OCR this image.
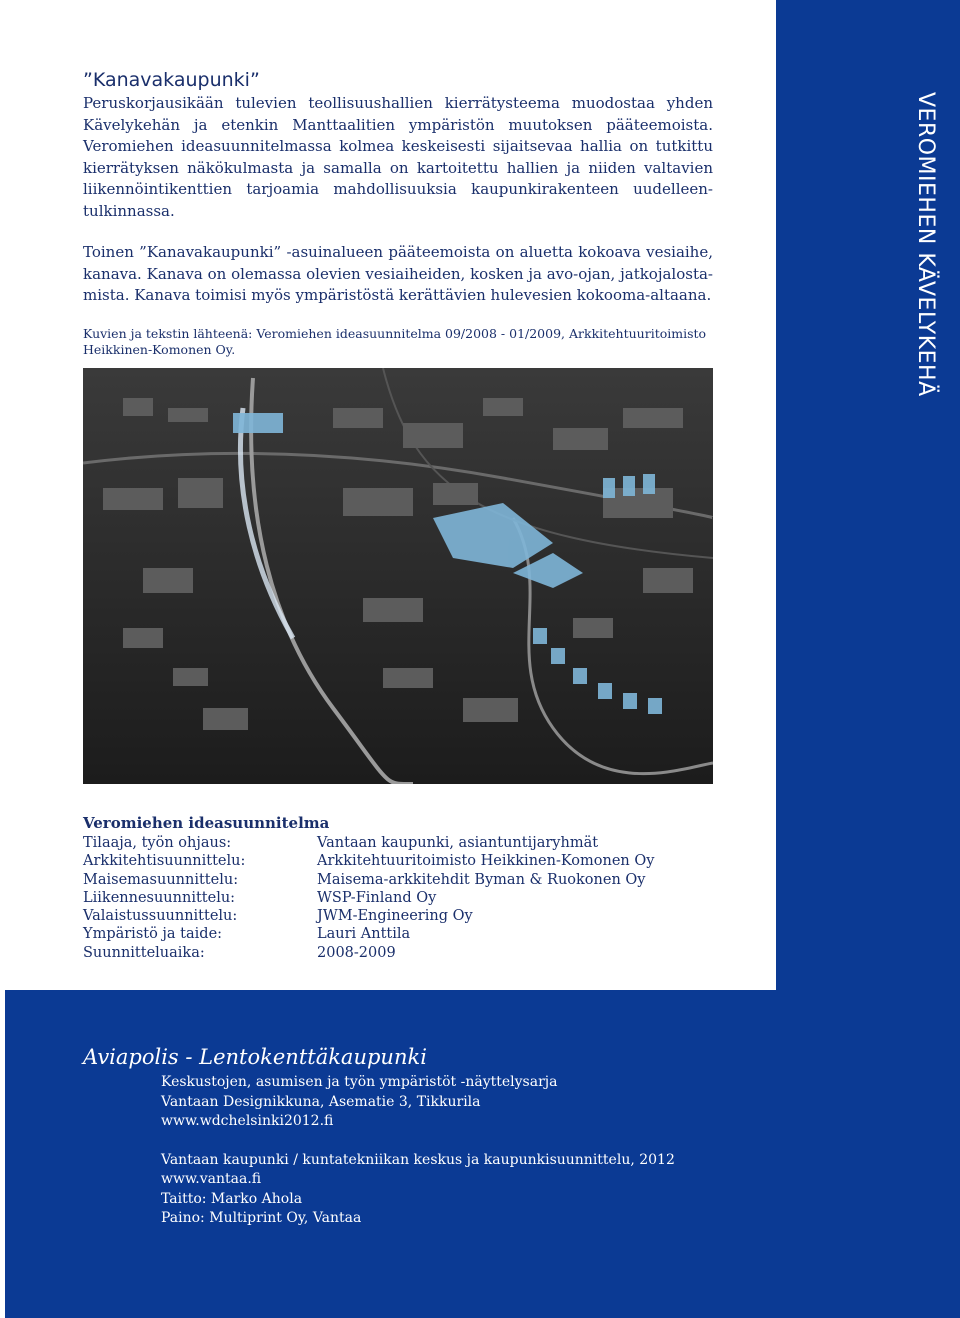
VEROMIEHEN KÄVELYKEHÄ
”Kanavakaupunki”
Peruskorjausikään tulevien teollisuushallien kierrätysteema muodostaa yhden Kävelykehän ja etenkin Manttaalitien ympäristön muutoksen pääteemoista. Veromiehen ideasuunnitelmassa kolmea keskeisesti sijaitsevaa hallia on tutkittu kierrätyksen näkökulmasta ja samalla on kartoitettu hallien ja niiden valtavien liikennöintikenttien tarjoamia mahdollisuuksia kaupunkirakenteen uudelleen-tulkinnassa.
Toinen ”Kanavakaupunki” -asuinalueen pääteemoista on aluetta kokoava vesiaihe, kanava. Kanava on olemassa olevien vesiaiheiden, kosken ja avo-ojan, jatkojalosta-mista. Kanava toimisi myös ympäristöstä kerättävien hulevesien kokooma-altaana.
Kuvien ja tekstin lähteenä: Veromiehen ideasuunnitelma 09/2008 - 01/2009, Arkkitehtuuritoimisto Heikkinen-Komonen Oy.
Veromiehen ideasuunnitelma
Tilaaja, työn ohjaus:	Vantaan kaupunki, asiantuntijaryhmät
Arkkitehtisuunnittelu:	Arkkitehtuuritoimisto Heikkinen-Komonen Oy
Maisemasuunnittelu:	Maisema-arkkitehdit Byman & Ruokonen Oy
Liikennesuunnittelu:	WSP-Finland Oy
Valaistussuunnittelu:	JWM-Engineering Oy
Ympäristö ja taide:	Lauri Anttila
Suunnitteluaika:	2008-2009
Aviapolis - Lentokenttäkaupunki
Keskustojen, asumisen ja työn ympäristöt -näyttelysarja
Vantaan Designikkuna, Asematie 3, Tikkurila
www.wdchelsinki2012.fi
Vantaan kaupunki / kuntatekniikan keskus ja kaupunkisuunnittelu, 2012
www.vantaa.fi
Taitto: Marko Ahola
Paino: Multiprint Oy, Vantaa
